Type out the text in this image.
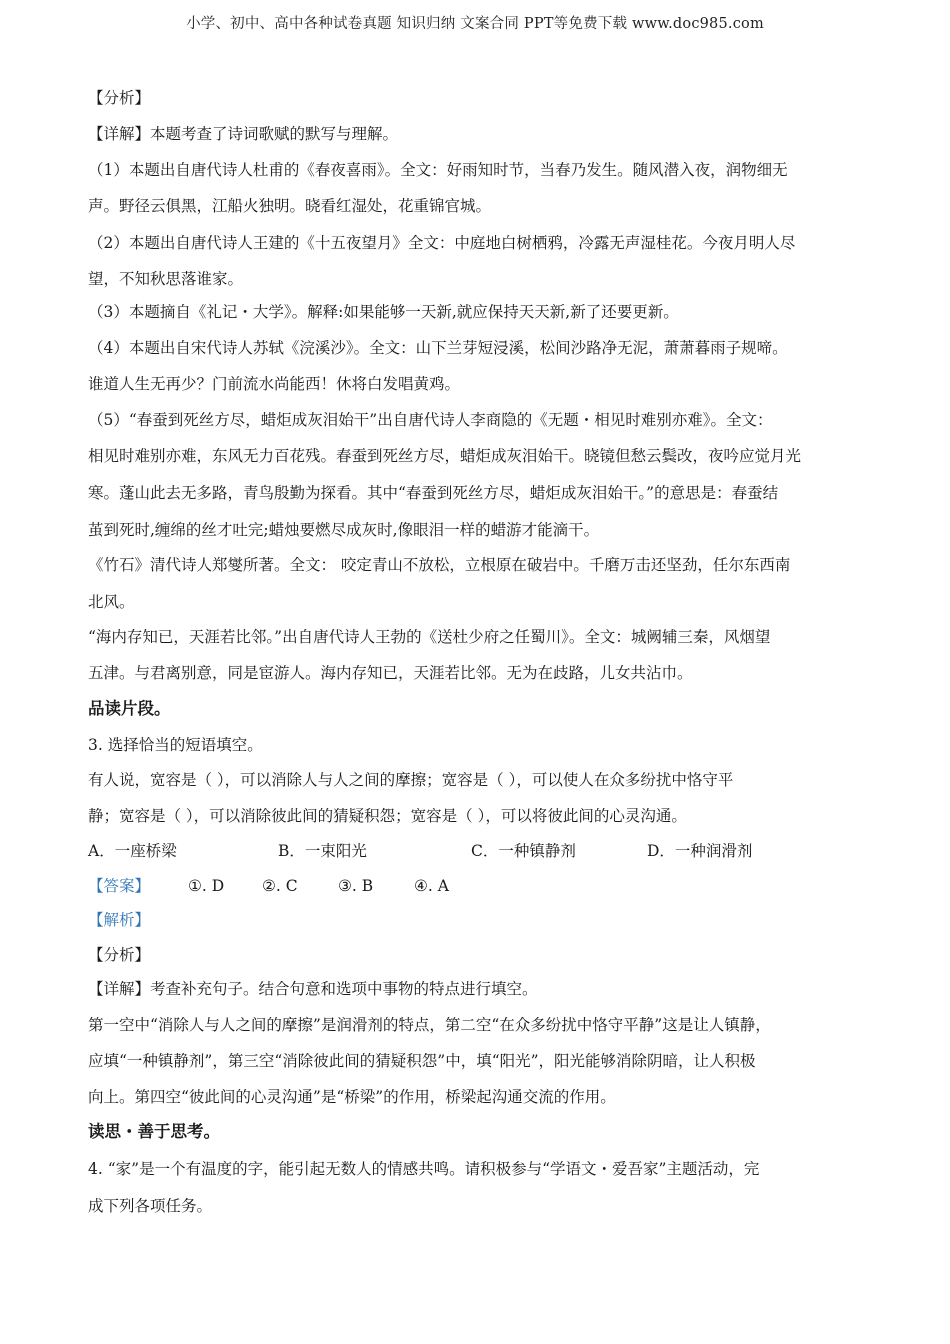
小学、初中、高中各种试卷真题 知识归纳 文案合同 PPT等免费下载 www.doc985.com
【分析】
【详解】本题考查了诗词歌赋的默写与理解。
（1）本题出自唐代诗人杜甫的《春夜喜雨》。全文：好雨知时节，当春乃发生。随风潜入夜，润物细无
声。野径云俱黑，江船火独明。晓看红湿处，花重锦官城。
（2）本题出自唐代诗人王建的《十五夜望月》全文：中庭地白树栖鸦，冷露无声湿桂花。今夜月明人尽
望，不知秋思落谁家。
（3）本题摘自《礼记・大学》。解释:如果能够一天新,就应保持天天新,新了还要更新。
（4）本题出自宋代诗人苏轼《浣溪沙》。全文：山下兰芽短浸溪，松间沙路净无泥，萧萧暮雨子规啼。
谁道人生无再少？门前流水尚能西！休将白发唱黄鸡。
（5）“春蚕到死丝方尽，蜡炬成灰泪始干”出自唐代诗人李商隐的《无题・相见时难别亦难》。全文：
相见时难别亦难，东风无力百花残。春蚕到死丝方尽，蜡炬成灰泪始干。晓镜但愁云鬓改，夜吟应觉月光
寒。蓬山此去无多路，青鸟殷勤为探看。其中“春蚕到死丝方尽，蜡炬成灰泪始干。”的意思是：春蚕结
茧到死时,缠绵的丝才吐完;蜡烛要燃尽成灰时,像眼泪一样的蜡游才能滴干。
《竹石》清代诗人郑燮所著。全文： 咬定青山不放松，立根原在破岩中。千磨万击还坚劲，任尔东西南
北风。
“海内存知已，天涯若比邻。”出自唐代诗人王勃的《送杜少府之任蜀川》。全文：城阙辅三秦，风烟望
五津。与君离别意，同是宦游人。海内存知已，天涯若比邻。无为在歧路，儿女共沾巾。
品读片段。
3. 选择恰当的短语填空。
有人说，宽容是（ ），可以消除人与人之间的摩擦；宽容是（ ），可以使人在众多纷扰中恪守平
静；宽容是（ ），可以消除彼此间的猜疑积怨；宽容是（ ），可以将彼此间的心灵沟通。
A．一座桥梁	B．一束阳光	C．一种镇静剂	D．一种润滑剂
【答案】 ①. D ②. C	③. B	④. A
【解析】
【分析】
【详解】考查补充句子。结合句意和选项中事物的特点进行填空。
第一空中“消除人与人之间的摩擦”是润滑剂的特点，第二空“在众多纷扰中恪守平静”这是让人镇静，
应填“一种镇静剂”，第三空“消除彼此间的猜疑积怨”中，填“阳光”，阳光能够消除阴暗，让人积极
向上。第四空“彼此间的心灵沟通”是“桥梁”的作用，桥梁起沟通交流的作用。
读思・善于思考。
4. “家”是一个有温度的字，能引起无数人的情感共鸣。请积极参与“学语文・爱吾家”主题活动，完
成下列各项任务。
